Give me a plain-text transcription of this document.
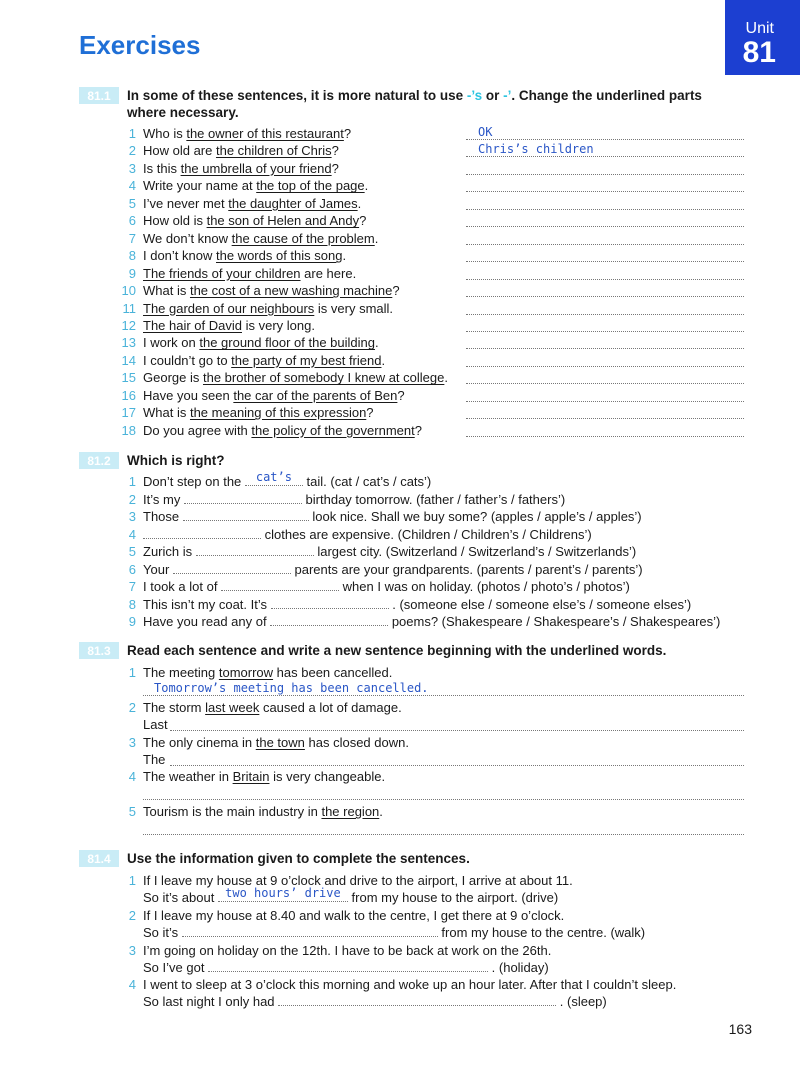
Exercises
Unit
81
81.1	In some of these sentences, it is more natural to use -’s or -’. Change the underlined parts where necessary.
1 Who is the owner of this restaurant?	OK
2 How old are the children of Chris?	Chris’s children
3 Is this the umbrella of your friend?
4 Write your name at the top of the page.
5 I’ve never met the daughter of James.
6 How old is the son of Helen and Andy?
7 We don’t know the cause of the problem.
8 I don’t know the words of this song.
9 The friends of your children are here.
10 What is the cost of a new washing machine?
11 The garden of our neighbours is very small.
12 The hair of David is very long.
13 I work on the ground floor of the building.
14 I couldn’t go to the party of my best friend.
15 George is the brother of somebody I knew at college.
16 Have you seen the car of the parents of Ben?
17 What is the meaning of this expression?
18 Do you agree with the policy of the government?
81.2	Which is right?
1 Don’t step on the cat’s tail. (cat / cat’s / cats’)
2 It’s my	birthday tomorrow. (father / father’s / fathers’)
3 Those	look nice. Shall we buy some? (apples / apple’s / apples’)
4	clothes are expensive. (Children / Children’s / Childrens’)
5 Zurich is	largest city. (Switzerland / Switzerland’s / Switzerlands’)
6 Your	parents are your grandparents. (parents / parent’s / parents’)
7 I took a lot of	when I was on holiday. (photos / photo’s / photos’)
8 This isn’t my coat. It’s	. (someone else / someone else’s / someone elses’)
9 Have you read any of	poems? (Shakespeare / Shakespeare’s / Shakespeares’)
81.3	Read each sentence and write a new sentence beginning with the underlined words.
1 The meeting tomorrow has been cancelled.
Tomorrow’s meeting has been cancelled.
2 The storm last week caused a lot of damage.
Last
3 The only cinema in the town has closed down.
The
4 The weather in Britain is very changeable.
5 Tourism is the main industry in the region.
81.4	Use the information given to complete the sentences.
1 If I leave my house at 9 o’clock and drive to the airport, I arrive at about 11.
So it’s about two hours’ drive from my house to the airport. (drive)
2 If I leave my house at 8.40 and walk to the centre, I get there at 9 o’clock.
So it’s	from my house to the centre. (walk)
3 I’m going on holiday on the 12th. I have to be back at work on the 26th.
So I’ve got	. (holiday)
4 I went to sleep at 3 o’clock this morning and woke up an hour later. After that I couldn’t sleep.
So last night I only had	. (sleep)
163
